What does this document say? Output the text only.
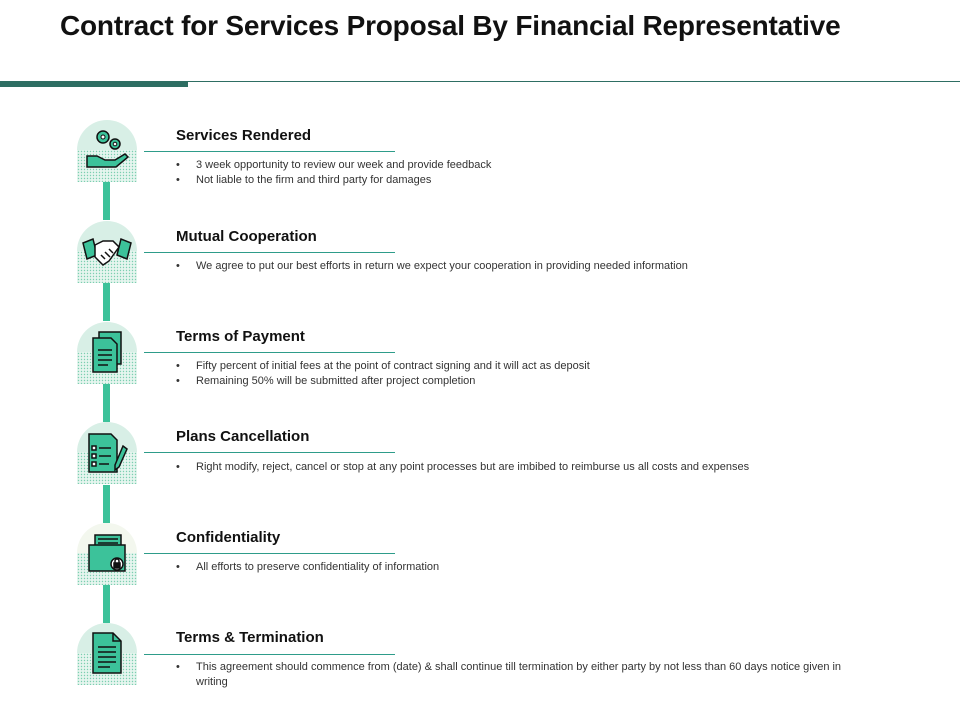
Contract for Services Proposal By Financial Representative
Services Rendered
• 3 week opportunity to review our week and provide feedback
• Not liable to the firm and third party for damages
Mutual Cooperation
• We agree to put our best efforts in return we expect your cooperation in providing needed information
Terms of Payment
• Fifty percent of initial fees at the point of contract signing and it will act as deposit
• Remaining 50% will be submitted after project completion
Plans Cancellation
• Right modify, reject, cancel or stop at any point processes but are imbibed to reimburse us all costs and expenses
Confidentiality
• All efforts to preserve confidentiality of information
Terms & Termination
• This agreement should commence from (date) & shall continue till termination by either party by not less than 60 days notice given in writing
